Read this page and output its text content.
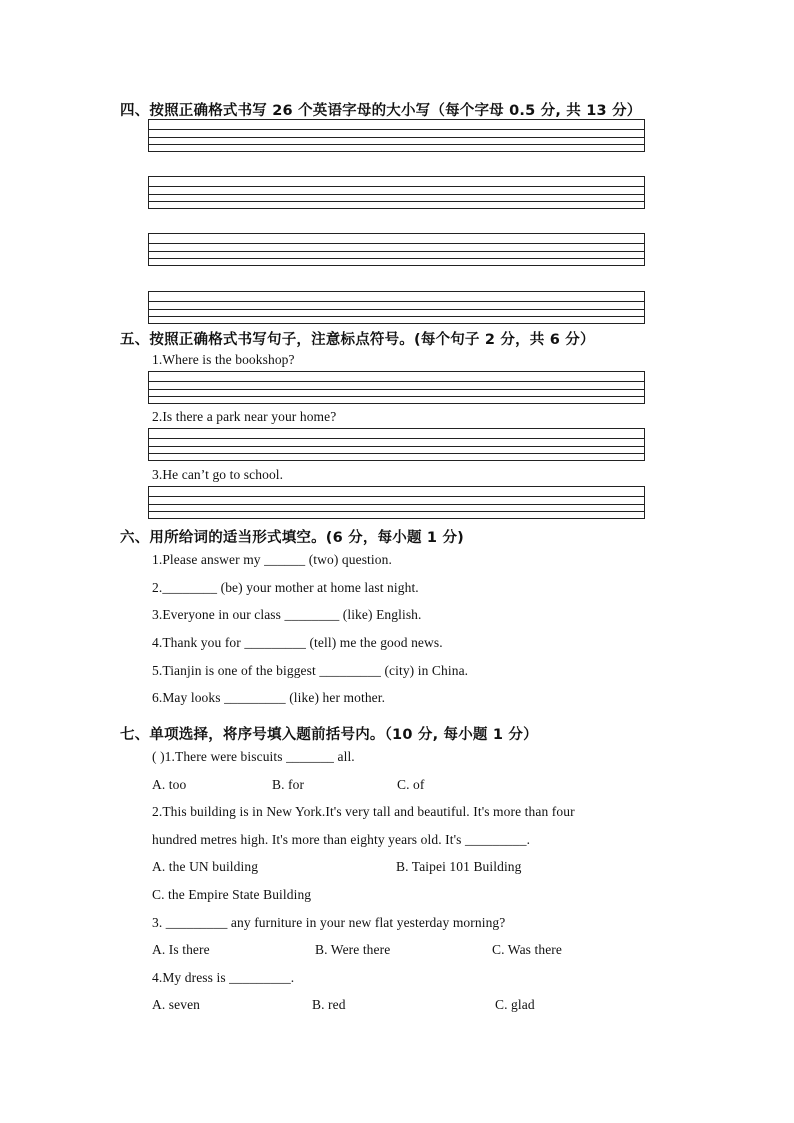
四、按照正确格式书写 26 个英语字母的大小写（每个字母 0.5 分, 共 13 分）
五、按照正确格式书写句子，注意标点符号。(每个句子 2 分，共 6 分）
1.Where is the bookshop?
2.Is there a park near your home?
3.He can’t go to school.
六、用所给词的适当形式填空。(6 分，每小题 1 分)
1.Please answer my ______ (two) question.
2.________ (be) your mother at home last night.
3.Everyone in our class ________ (like) English.
4.Thank you for _________ (tell) me the good news.
5.Tianjin is one of the biggest _________ (city) in China.
6.May looks _________ (like) her mother.
七、单项选择，将序号填入题前括号内。（10 分, 每小题 1 分）
( )1.There were biscuits _______ all.
A. too	B. for	C. of
2.This building is in New York.It's very tall and beautiful. It's more than four
hundred metres high. It's more than eighty years old. It's _________.
A. the UN building	B. Taipei 101 Building
C. the Empire State Building
3. _________ any furniture in your new flat yesterday morning?
A. Is there	B. Were there	C. Was there
4.My dress is _________.
A. seven	B. red	C. glad
